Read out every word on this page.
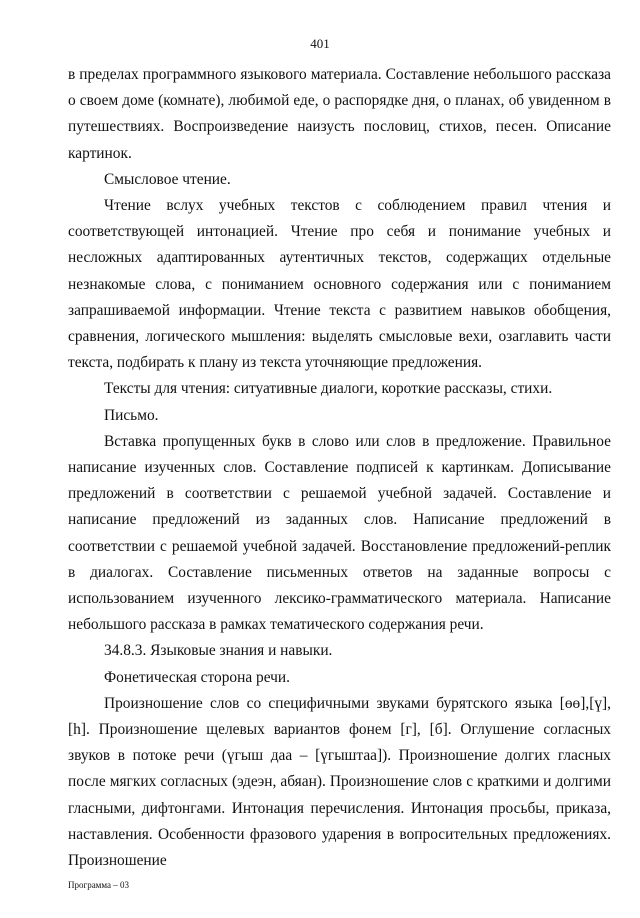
401

в пределах программного языкового материала. Составление небольшого рассказа о своем доме (комнате), любимой еде, о распорядке дня, о планах, об увиденном в путешествиях. Воспроизведение наизусть пословиц, стихов, песен. Описание картинок.

Смысловое чтение.

Чтение вслух учебных текстов с соблюдением правил чтения и соответствующей интонацией. Чтение про себя и понимание учебных и несложных адаптированных аутентичных текстов, содержащих отдельные незнакомые слова, с пониманием основного содержания или с пониманием запрашиваемой информации. Чтение текста с развитием навыков обобщения, сравнения, логического мышления: выделять смысловые вехи, озаглавить части текста, подбирать к плану из текста уточняющие предложения.

Тексты для чтения: ситуативные диалоги, короткие рассказы, стихи.

Письмо.

Вставка пропущенных букв в слово или слов в предложение. Правильное написание изученных слов. Составление подписей к картинкам. Дописывание предложений в соответствии с решаемой учебной задачей. Составление и написание предложений из заданных слов. Написание предложений в соответствии с решаемой учебной задачей. Восстановление предложений-реплик в диалогах. Составление письменных ответов на заданные вопросы с использованием изученного лексико-грамматического материала. Написание небольшого рассказа в рамках тематического содержания речи.

34.8.3. Языковые знания и навыки.

Фонетическая сторона речи.

Произношение слов со специфичными звуками бурятского языка [өө],[ү], [h]. Произношение щелевых вариантов фонем [г], [б]. Оглушение согласных звуков в потоке речи (үгыш даа – [үгыштаа]). Произношение долгих гласных после мягких согласных (эдеэн, абяан). Произношение слов с краткими и долгими гласными, дифтонгами. Интонация перечисления. Интонация просьбы, приказа, наставления. Особенности фразового ударения в вопросительных предложениях. Произношение

Программа – 03
